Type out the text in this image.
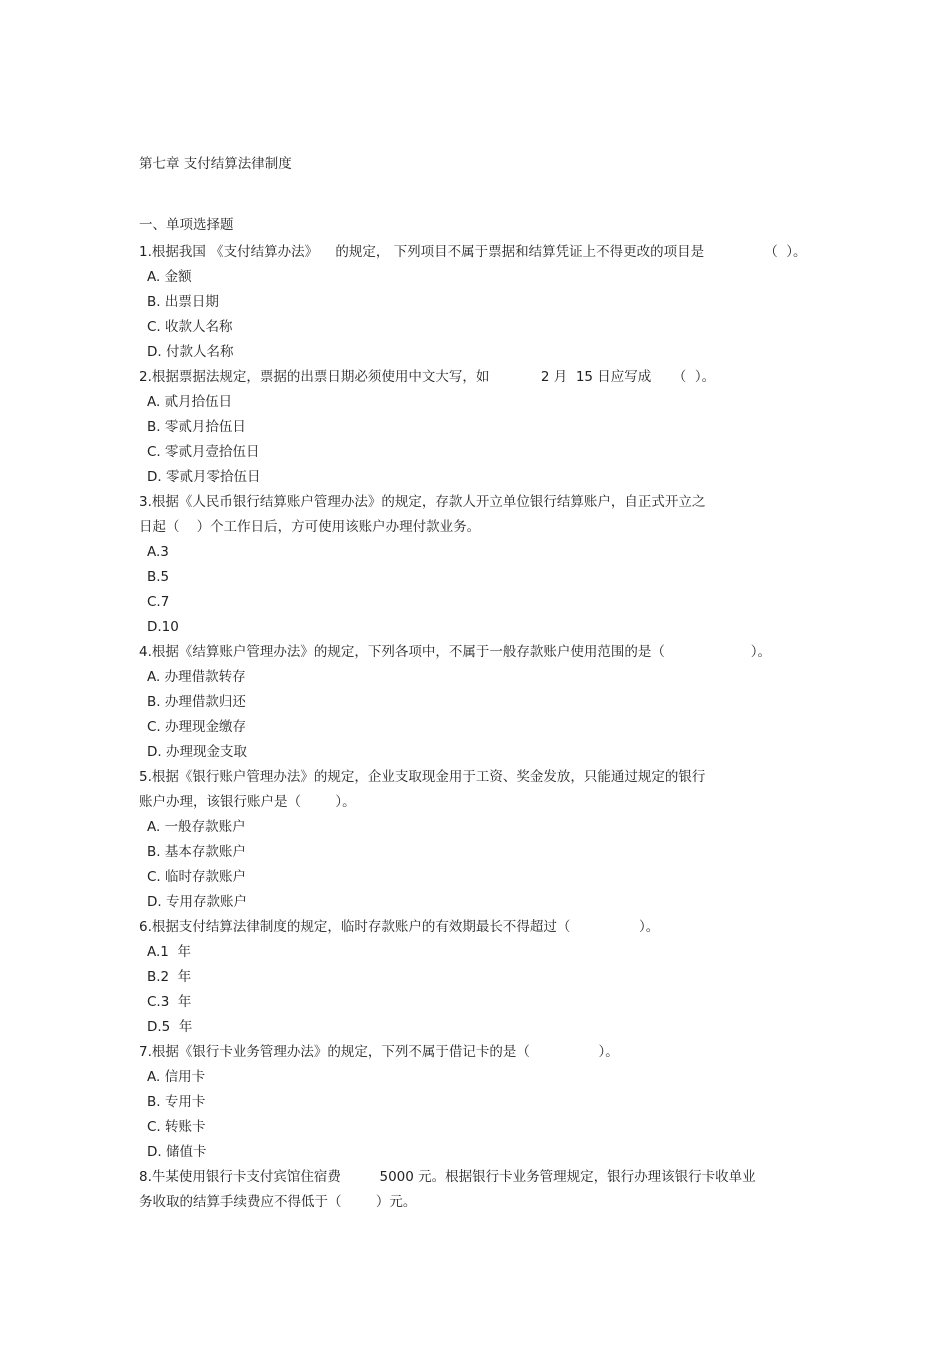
第七章 支付结算法律制度
一、单项选择题
1.根据我国 《支付结算办法》    的规定， 下列项目不属于票据和结算凭证上不得更改的项目是              （  ）。
A. 金额
B. 出票日期
C. 收款人名称
D. 付款人名称
2.根据票据法规定，票据的出票日期必须使用中文大写，如            2 月  15 日应写成     （  ）。
A. 贰月拾伍日
B. 零贰月拾伍日
C. 零贰月壹拾伍日
D. 零贰月零拾伍日
3.根据《人民币银行结算账户管理办法》的规定，存款人开立单位银行结算账户，自正式开立之
日起（    ）个工作日后，方可使用该账户办理付款业务。
A.3
B.5
C.7
D.10
4.根据《结算账户管理办法》的规定，下列各项中，不属于一般存款账户使用范围的是（                    ）。
A. 办理借款转存
B. 办理借款归还
C. 办理现金缴存
D. 办理现金支取
5.根据《银行账户管理办法》的规定，企业支取现金用于工资、奖金发放，只能通过规定的银行
账户办理，该银行账户是（        ）。
A. 一般存款账户
B. 基本存款账户
C. 临时存款账户
D. 专用存款账户
6.根据支付结算法律制度的规定，临时存款账户的有效期最长不得超过（                ）。
A.1  年
B.2  年
C.3  年
D.5  年
7.根据《银行卡业务管理办法》的规定，下列不属于借记卡的是（                ）。
A. 信用卡
B. 专用卡
C. 转账卡
D. 储值卡
8.牛某使用银行卡支付宾馆住宿费         5000 元。根据银行卡业务管理规定，银行办理该银行卡收单业
务收取的结算手续费应不得低于（        ）元。
